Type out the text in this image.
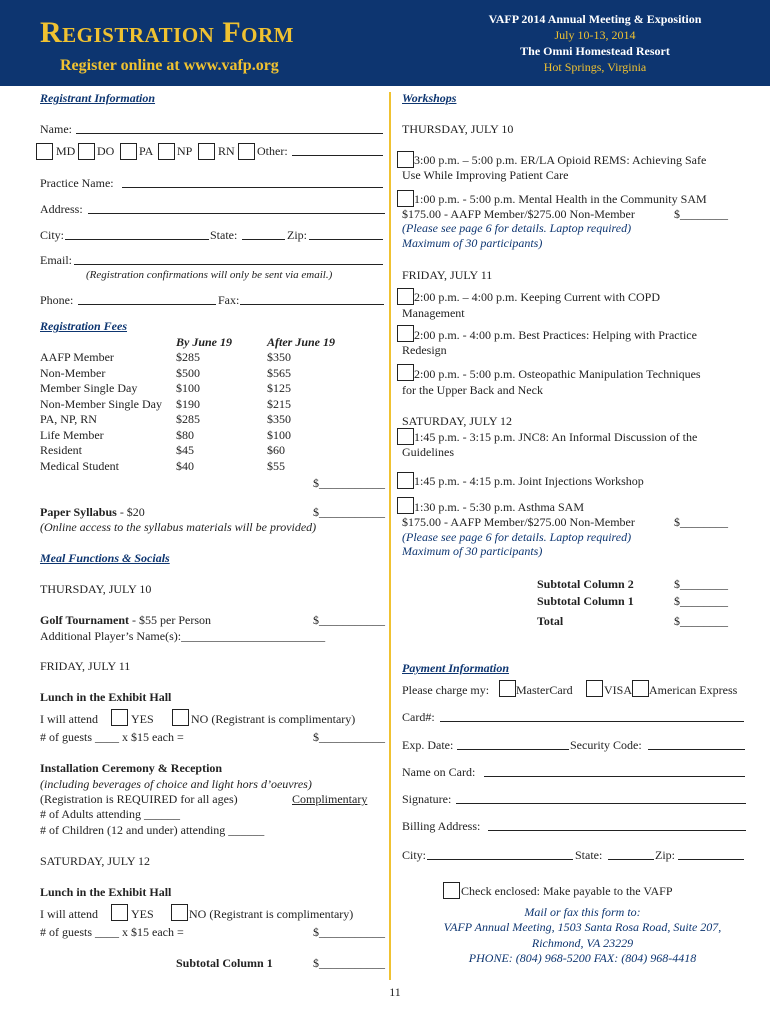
Registration Form
Register online at www.vafp.org
VAFP 2014 Annual Meeting & Exposition
July 10-13, 2014
The Omni Homestead Resort
Hot Springs, Virginia
Registrant Information
Name:
MD DO PA NP RN Other:
Practice Name:
Address:
City:	State:	Zip:
Email:
(Registration confirmations will only be sent via email.)
Phone:	Fax:
Registration Fees
By June 19	After June 19
AAFP Member	$285	$350
Non-Member	$500	$565
Member Single Day	$100	$125
Non-Member Single Day $190	$215
PA, NP, RN	$285	$350
Life Member	$80	$100
Resident	$45	$60
Medical Student	$40	$55
$___________
Paper Syllabus - $20	$___________
(Online access to the syllabus materials will be provided)
Meal Functions & Socials
THURSDAY, JULY 10
Golf Tournament - $55 per Person	$___________
Additional Player’s Name(s):________________________
FRIDAY, JULY 11
Lunch in the Exhibit Hall
I will attend	YES	NO (Registrant is complimentary)
# of guests ____ x $15 each =	$___________
Installation Ceremony & Reception
(including beverages of choice and light hors d’oeuvres)
(Registration is REQUIRED for all ages)	Complimentary
# of Adults attending ______
# of Children (12 and under) attending ______
SATURDAY, JULY 12
Lunch in the Exhibit Hall
I will attend	YES	NO (Registrant is complimentary)
# of guests ____ x $15 each =	$___________
Subtotal Column 1	$___________
Workshops
THURSDAY, JULY 10
3:00 p.m. – 5:00 p.m. ER/LA Opioid REMS: Achieving Safe
Use While Improving Patient Care
1:00 p.m. - 5:00 p.m. Mental Health in the Community SAM
$175.00 - AAFP Member/$275.00 Non-Member	$________
(Please see page 6 for details. Laptop required)
Maximum of 30 participants)
FRIDAY, JULY 11
2:00 p.m. – 4:00 p.m. Keeping Current with COPD
Management
2:00 p.m. - 4:00 p.m. Best Practices: Helping with Practice
Redesign
2:00 p.m. - 5:00 p.m. Osteopathic Manipulation Techniques
for the Upper Back and Neck
SATURDAY, JULY 12
1:45 p.m. - 3:15 p.m. JNC8: An Informal Discussion of the
Guidelines
1:45 p.m. - 4:15 p.m. Joint Injections Workshop
1:30 p.m. - 5:30 p.m. Asthma SAM
$175.00 - AAFP Member/$275.00 Non-Member	$________
(Please see page 6 for details. Laptop required)
Maximum of 30 participants)
Subtotal Column 2	$________
Subtotal Column 1	$________
Total	$________
Payment Information
Please charge my: MasterCard	VISA American Express
Card#:
Exp. Date:	Security Code:
Name on Card:
Signature:
Billing Address:
City:	State:	Zip:
Check enclosed: Make payable to the VAFP
Mail or fax this form to:
VAFP Annual Meeting, 1503 Santa Rosa Road, Suite 207,
Richmond, VA 23229
PHONE: (804) 968-5200 FAX: (804) 968-4418
11
